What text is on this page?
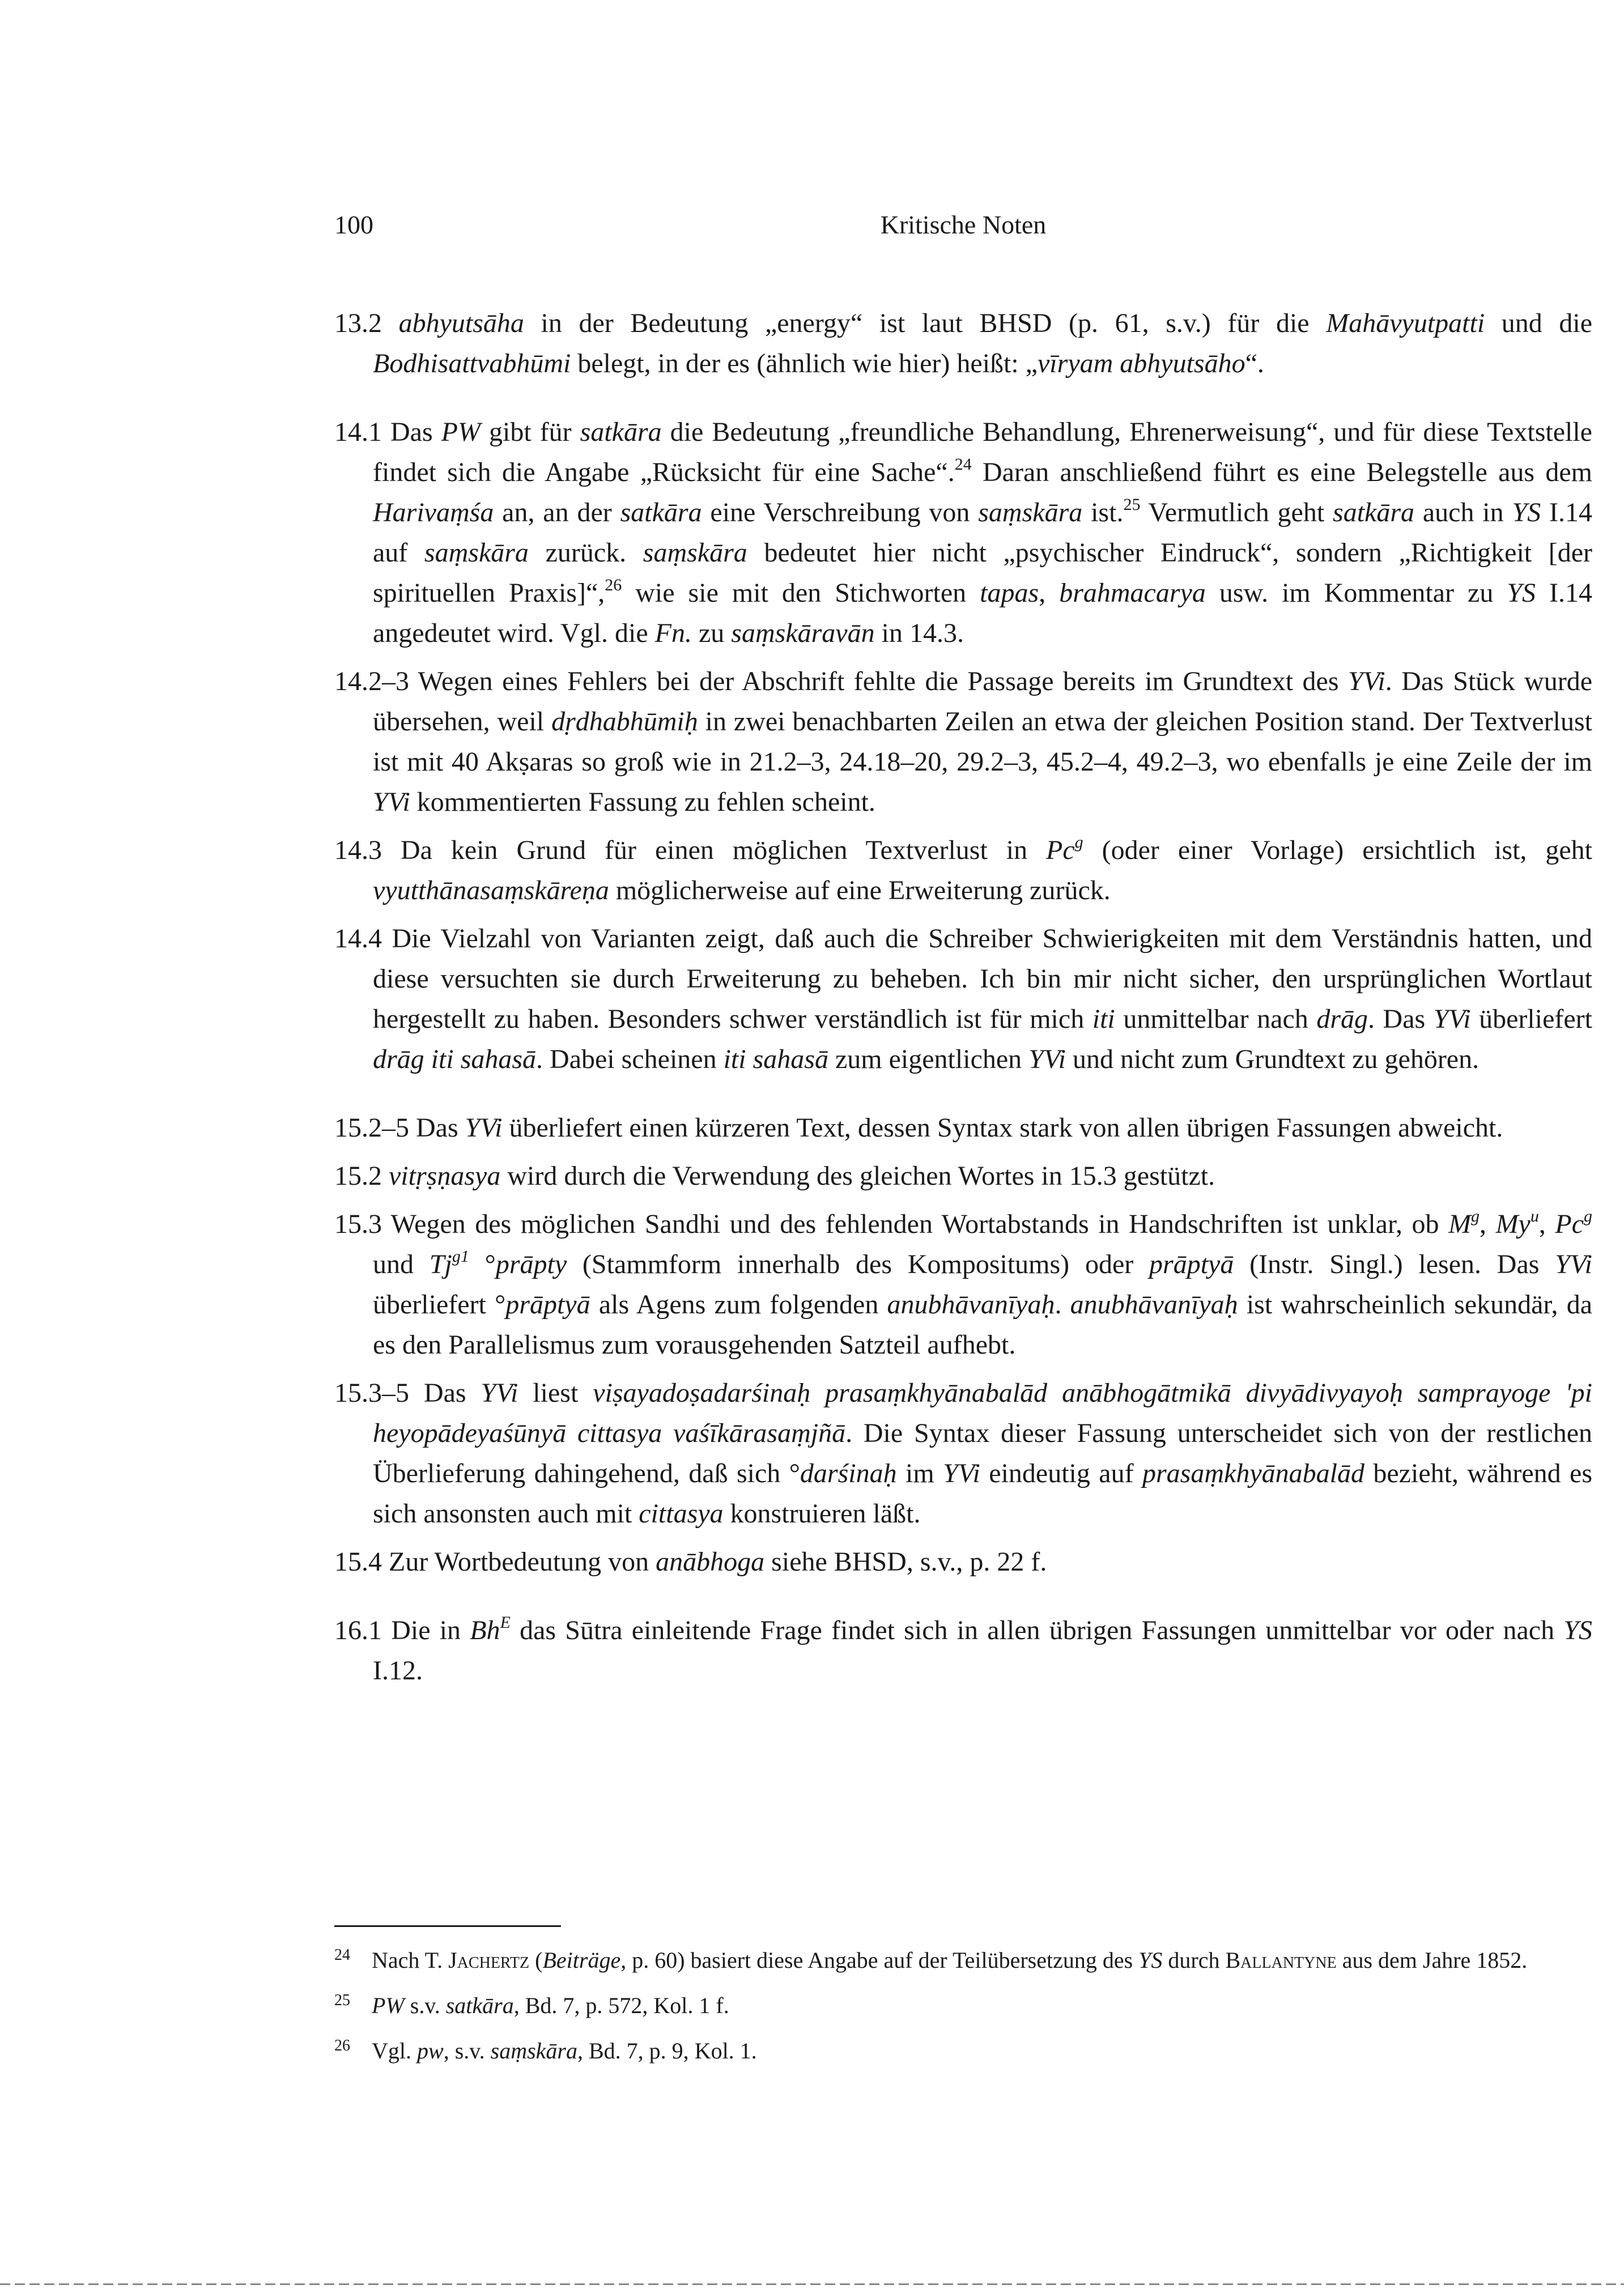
100	Kritische Noten

13.2 abhyutsāha in der Bedeutung „energy“ ist laut BHSD (p. 61, s.v.) für die Mahāvyutpatti und die Bodhisattvabhūmi belegt, in der es (ähnlich wie hier) heißt: „vīryam abhyutsāho“.

14.1 Das PW gibt für satkāra die Bedeutung „freundliche Behandlung, Ehrenerweisung“, und für diese Textstelle findet sich die Angabe „Rücksicht für eine Sache“.$^{24}$ Daran anschließend führt es eine Belegstelle aus dem Harivaṃśa an, an der satkāra eine Verschreibung von saṃskāra ist.$^{25}$ Vermutlich geht satkāra auch in YS I.14 auf saṃskāra zurück. saṃskāra bedeutet hier nicht „psychischer Eindruck“, sondern „Richtigkeit [der spirituellen Praxis]“,$^{26}$ wie sie mit den Stichworten tapas, brahmacarya usw. im Kommentar zu YS I.14 angedeutet wird. Vgl. die Fn. zu saṃskāravān in 14.3.

14.2–3 Wegen eines Fehlers bei der Abschrift fehlte die Passage bereits im Grundtext des YVi. Das Stück wurde übersehen, weil dṛdhabhūmiḥ in zwei benachbarten Zeilen an etwa der gleichen Position stand. Der Textverlust ist mit 40 Akṣaras so groß wie in 21.2–3, 24.18–20, 29.2–3, 45.2–4, 49.2–3, wo ebenfalls je eine Zeile der im YVi kommentierten Fassung zu fehlen scheint.

14.3 Da kein Grund für einen möglichen Textverlust in Pc$^g$ (oder einer Vorlage) ersichtlich ist, geht vyutthānasaṃskāreṇa möglicherweise auf eine Erweiterung zurück.

14.4 Die Vielzahl von Varianten zeigt, daß auch die Schreiber Schwierigkeiten mit dem Verständnis hatten, und diese versuchten sie durch Erweiterung zu beheben. Ich bin mir nicht sicher, den ursprünglichen Wortlaut hergestellt zu haben. Besonders schwer verständlich ist für mich iti unmittelbar nach drāg. Das YVi überliefert drāg iti sahasā. Dabei scheinen iti sahasā zum eigentlichen YVi und nicht zum Grundtext zu gehören.

15.2–5 Das YVi überliefert einen kürzeren Text, dessen Syntax stark von allen übrigen Fassungen abweicht.

15.2 vitṛṣṇasya wird durch die Verwendung des gleichen Wortes in 15.3 gestützt.

15.3 Wegen des möglichen Sandhi und des fehlenden Wortabstands in Handschriften ist unklar, ob $M^g$, My$^u$, Pc$^g$ und $Tj^{g1}$ °prāpty (Stammform innerhalb des Kompositums) oder prāptyā (Instr. Singl.) lesen. Das YVi überliefert °prāptyā als Agens zum folgenden anubhāvanīyaḥ. anubhāvanīyaḥ ist wahrscheinlich sekundär, da es den Parallelismus zum vorausgehenden Satzteil aufhebt.

15.3–5 Das YVi liest viṣayadoṣadarśinaḥ prasaṃkhyānabalād anābhogātmikā divyādivyayoḥ samprayoge 'pi heyopādeyaśūnyā cittasya vaśīkārasaṃjñā. Die Syntax dieser Fassung unterscheidet sich von der restlichen Überlieferung dahingehend, daß sich °darśinaḥ im YVi eindeutig auf prasaṃkhyānabalād bezieht, während es sich ansonsten auch mit cittasya konstruieren läßt.

15.4 Zur Wortbedeutung von anābhoga siehe BHSD, s.v., p. 22 f.

16.1 Die in $Bh^E$ das Sūtra einleitende Frage findet sich in allen übrigen Fassungen unmittelbar vor oder nach YS I.12.

24 Nach T. Jachertz (Beiträge, p. 60) basiert diese Angabe auf der Teilübersetzung des YS durch Ballantyne aus dem Jahre 1852.

25 PW s.v. satkāra, Bd. 7, p. 572, Kol. 1 f.

26 Vgl. pw, s.v. saṃskāra, Bd. 7, p. 9, Kol. 1.
